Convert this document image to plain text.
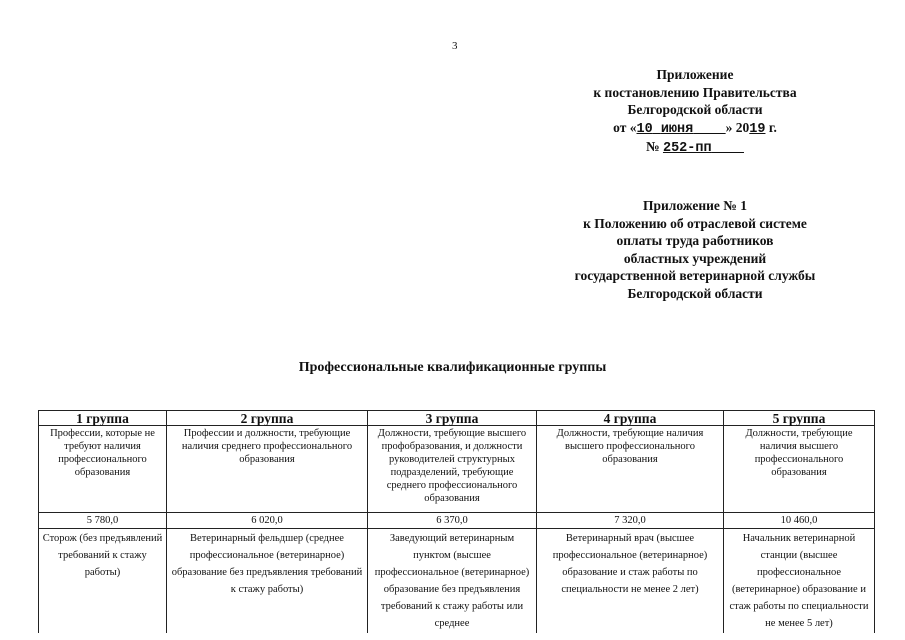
3
Приложение
к постановлению Правительства
Белгородской области
от «10 июня » 2019 г.
№ 252-пп
Приложение № 1
к Положению об отраслевой системе
оплаты труда работников
областных учреждений
государственной ветеринарной службы
Белгородской области
Профессиональные квалификационные группы
1 группа	2 группа	3 группа	4 группа	5 группа
Профессии, которые не требуют наличия профессионального образования	Профессии и должности, требующие наличия среднего профессионального образования	Должности, требующие высшего профобразования, и должности руководителей структурных подразделений, требующие среднего профессионального образования	Должности, требующие наличия высшего профессионального образования	Должности, требующие наличия высшего профессионального образования
5 780,0	6 020,0	6 370,0	7 320,0	10 460,0
Сторож (без предъявлений требований к стажу работы)	Ветеринарный фельдшер (среднее профессиональное (ветеринарное) образование без предъявления требований к стажу работы)	Заведующий ветеринарным пунктом (высшее профессиональное (ветеринарное) образование без предъявления требований к стажу работы или среднее	Ветеринарный врач (высшее профессиональное (ветеринарное) образование и стаж работы по специальности не менее 2 лет)	Начальник ветеринарной станции (высшее профессиональное (ветеринарное) образование и стаж работы по специальности не менее 5 лет)
